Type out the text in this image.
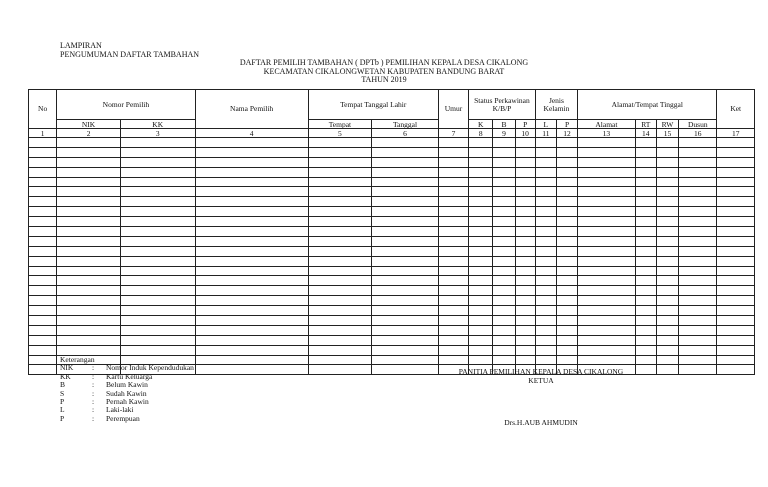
LAMPIRAN
PENGUMUMAN DAFTAR TAMBAHAN
DAFTAR PEMILIH TAMBAHAN ( DPTb ) PEMILIHAN KEPALA DESA CIKALONG
KECAMATAN CIKALONGWETAN KABUPATEN BANDUNG BARAT
TAHUN 2019
No	Nomor Pemilih		Nama Pemilih	Tempat Tanggal Lahir		Umur	Status Perkawinan K/B/P			Jenis Kelamin		Alamat/Tempat Tinggal				Ket
	NIK	KK		Tempat	Tanggal		K	B	P	L	P	Alamat	RT	RW	Dusun	
1	2	3	4	5	6	7	8	9	10	11	12	13	14	15	16	17

Keterangan
NIK	:	Nomor Induk Kependudukan
KK	:	Kartu Keluarga
B	:	Belum Kawin
S	:	Sudah Kawin
P	:	Pernah Kawin
L	:	Laki-laki
P	:	Perempuan
PANITIA PEMILIHAN KEPALA DESA CIKALONG
KETUA
Drs.H.AUB AHMUDIN
